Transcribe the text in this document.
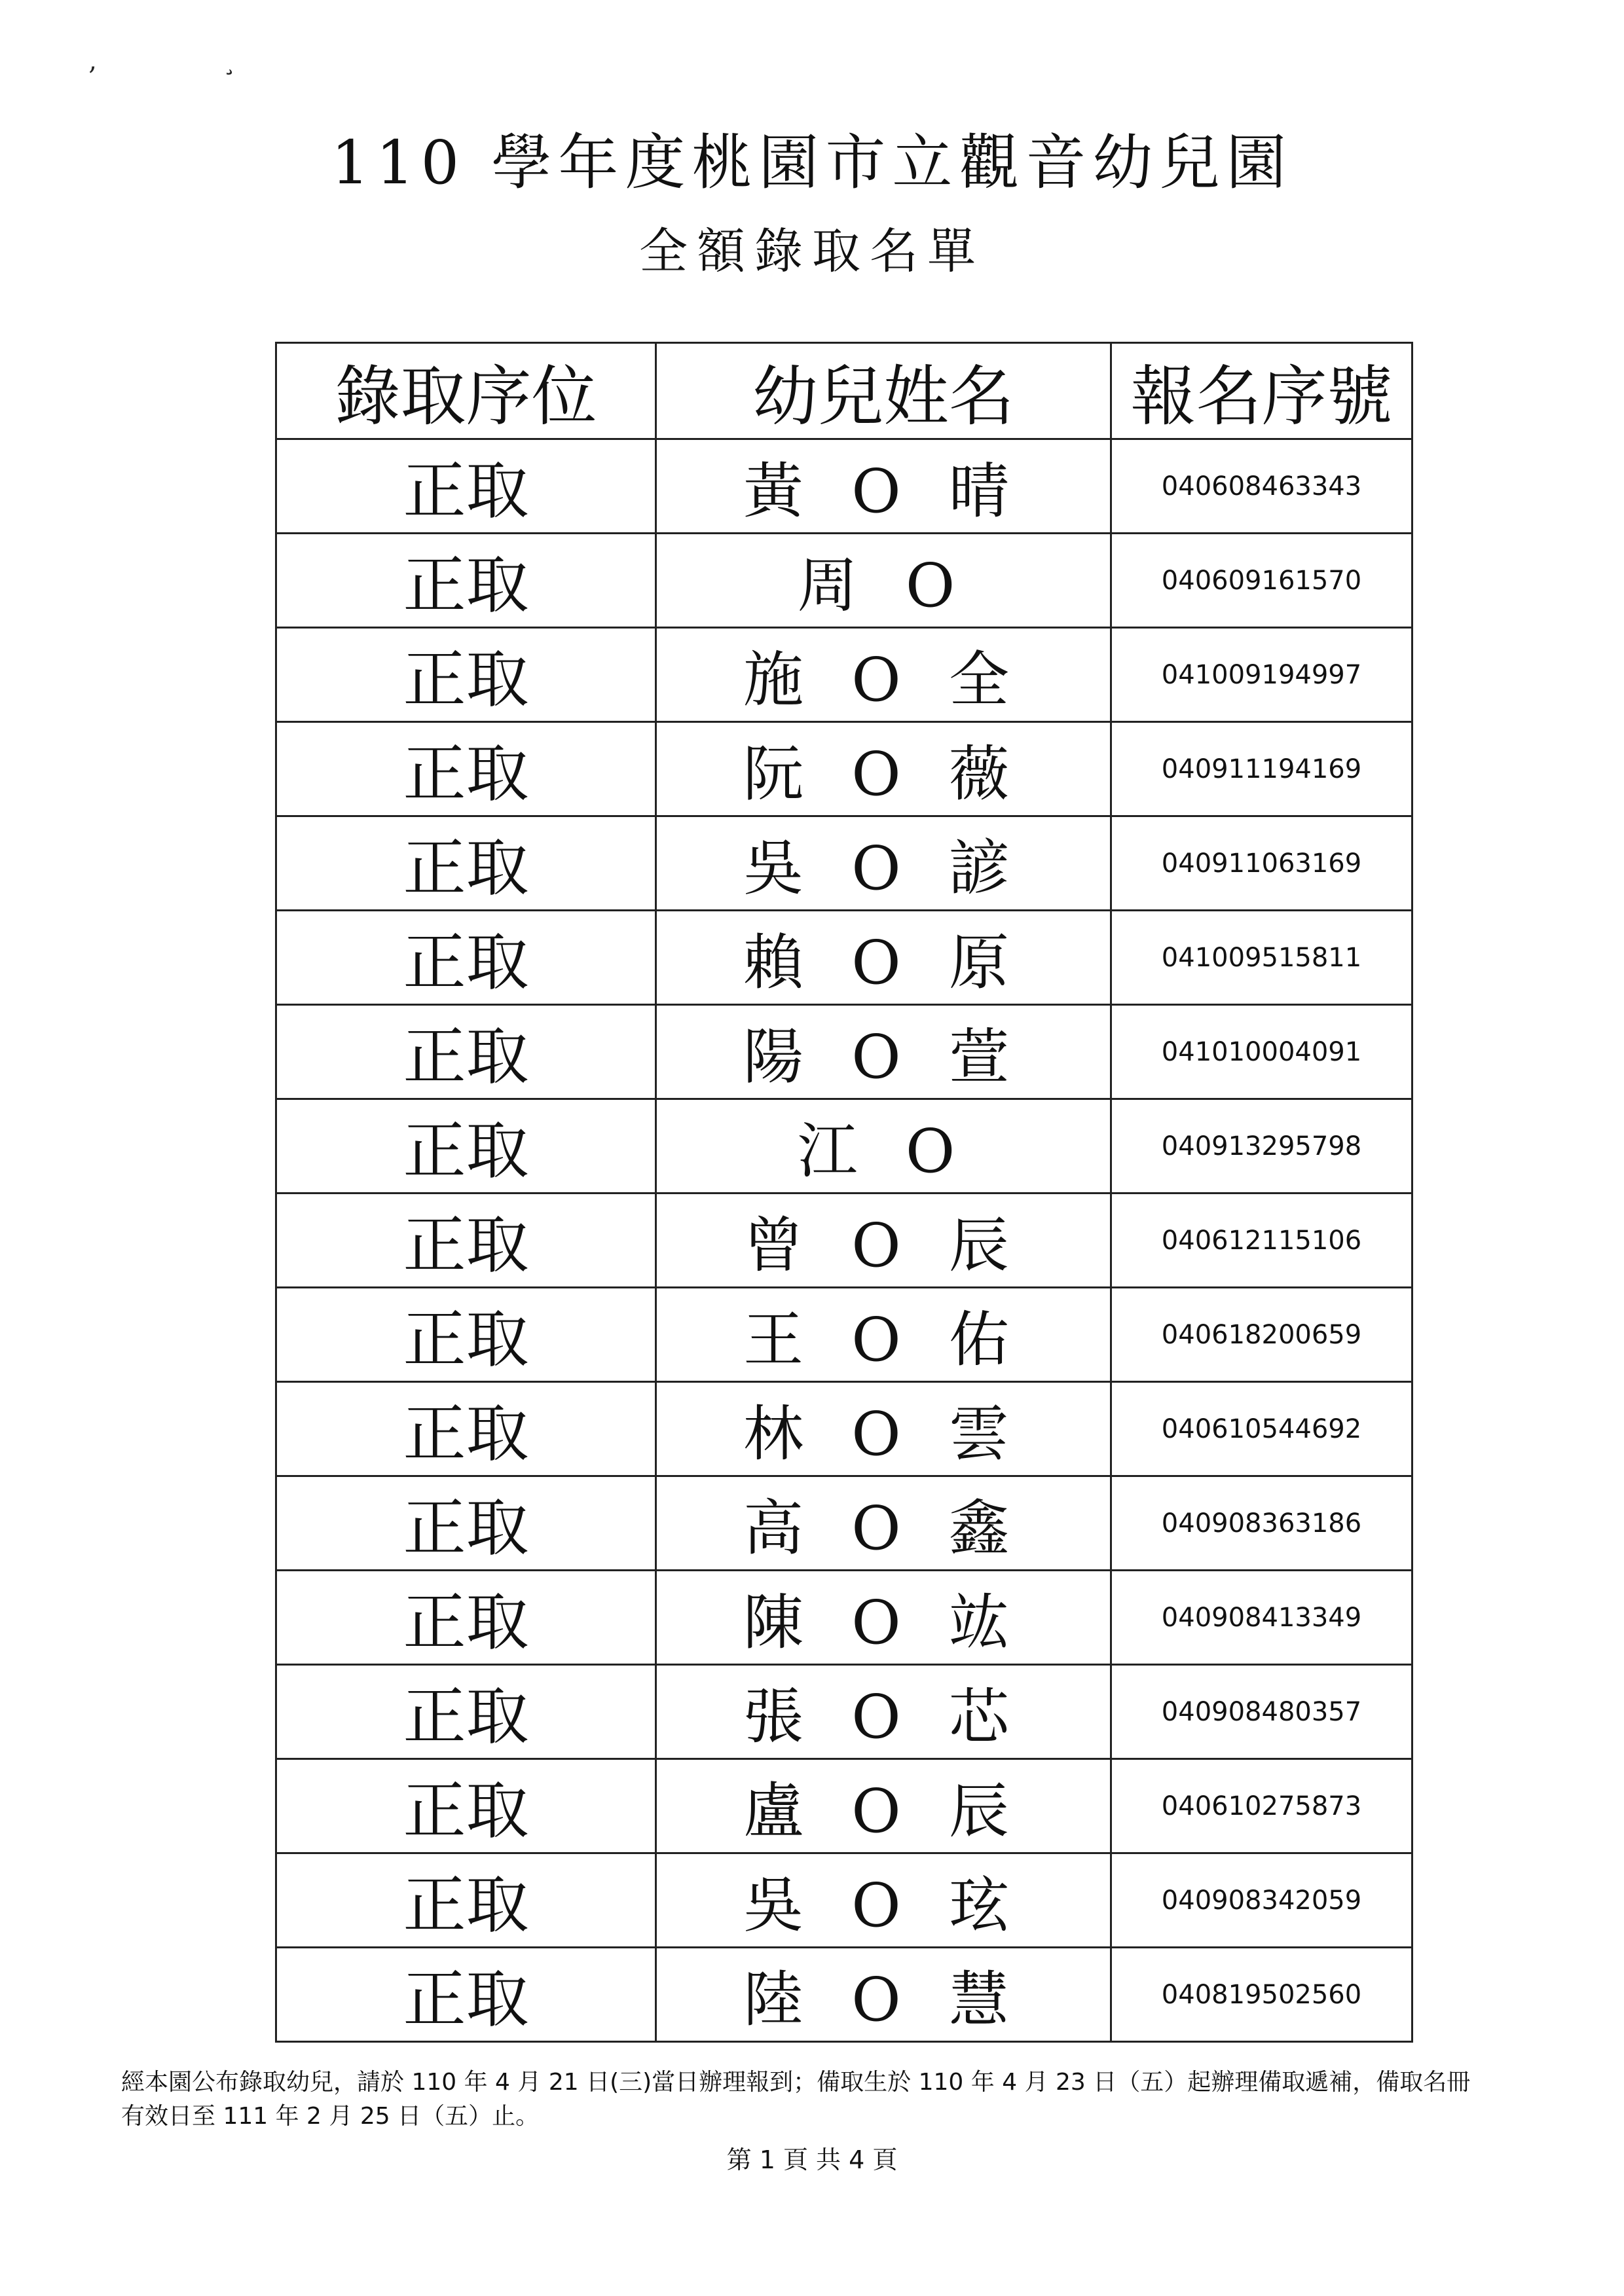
‚ ¸
110 學年度桃園市立觀音幼兒園
全額錄取名單
錄取序位	幼兒姓名	報名序號
正取	黃 O 晴	040608463343
正取	周 O	040609161570
正取	施 O 全	041009194997
正取	阮 O 薇	040911194169
正取	吳 O 諺	040911063169
正取	賴 O 原	041009515811
正取	陽 O 萱	041010004091
正取	江 O	040913295798
正取	曾 O 辰	040612115106
正取	王 O 佑	040618200659
正取	林 O 雲	040610544692
正取	高 O 鑫	040908363186
正取	陳 O 竑	040908413349
正取	張 O 芯	040908480357
正取	盧 O 辰	040610275873
正取	吳 O 玹	040908342059
正取	陸 O 慧	040819502560
經本園公布錄取幼兒，請於 110 年 4 月 21 日(三)當日辦理報到；備取生於 110 年 4 月 23 日（五）起辦理備取遞補，備取名冊
有效日至 111 年 2 月 25 日（五）止。
第 1 頁 共 4 頁
